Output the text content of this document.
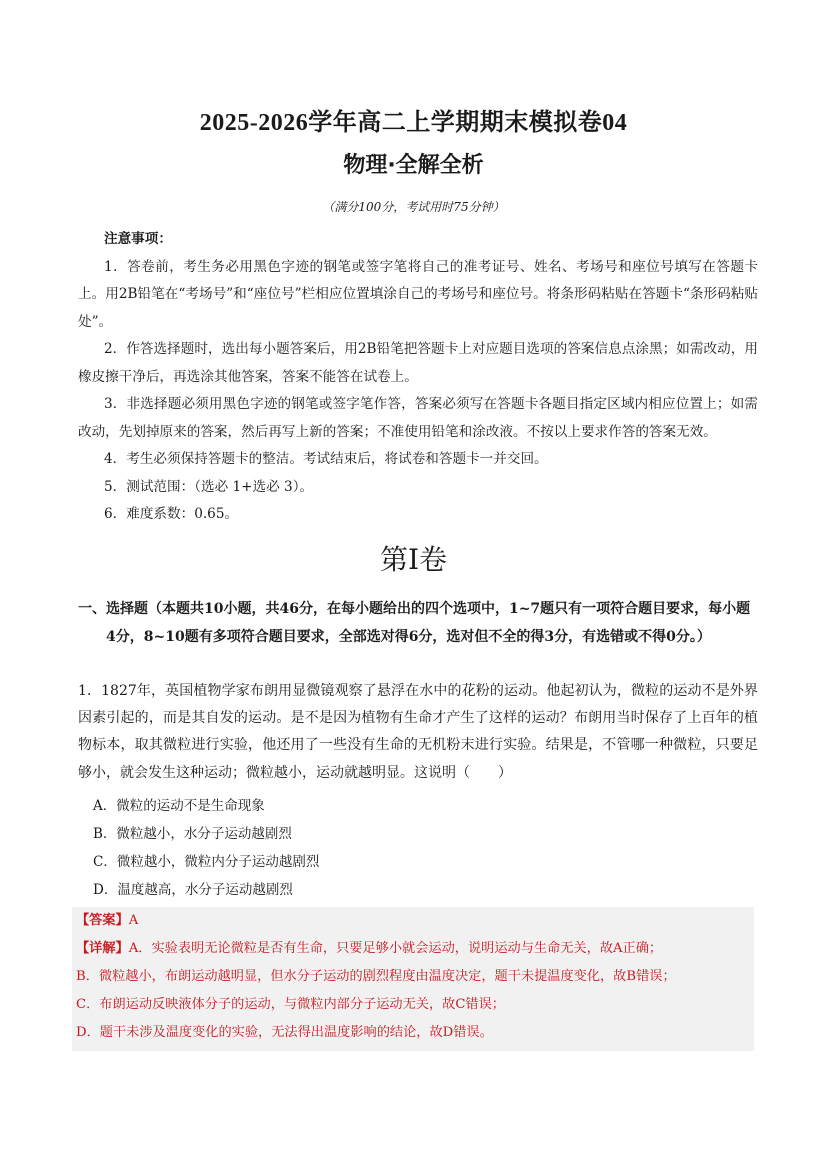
2025-2026学年高二上学期期末模拟卷04
物理·全解全析
（满分100分，考试用时75分钟）
注意事项：

1．答卷前，考生务必用黑色字迹的钢笔或签字笔将自己的准考证号、姓名、考场号和座位号填写在答题卡上。用2B铅笔在“考场号”和“座位号”栏相应位置填涂自己的考场号和座位号。将条形码粘贴在答题卡“条形码粘贴处”。

2．作答选择题时，选出每小题答案后，用2B铅笔把答题卡上对应题目选项的答案信息点涂黑；如需改动，用橡皮擦干净后，再选涂其他答案，答案不能答在试卷上。

3．非选择题必须用黑色字迹的钢笔或签字笔作答，答案必须写在答题卡各题目指定区域内相应位置上；如需改动，先划掉原来的答案，然后再写上新的答案；不准使用铅笔和涂改液。不按以上要求作答的答案无效。

4．考生必须保持答题卡的整洁。考试结束后，将试卷和答题卡一并交回。

5．测试范围：（选必 1+选必 3）。

6．难度系数：0.65。

第Ⅰ卷
一、选择题（本题共10小题，共46分，在每小题给出的四个选项中，1~7题只有一项符合题目要求，每小题4分，8~10题有多项符合题目要求，全部选对得6分，选对但不全的得3分，有选错或不得0分。）

1．1827年，英国植物学家布朗用显微镜观察了悬浮在水中的花粉的运动。他起初认为，微粒的运动不是外界因素引起的，而是其自发的运动。是不是因为植物有生命才产生了这样的运动？布朗用当时保存了上百年的植物标本，取其微粒进行实验，他还用了一些没有生命的无机粉末进行实验。结果是，不管哪一种微粒，只要足够小，就会发生这种运动；微粒越小，运动就越明显。这说明（　　）

A．微粒的运动不是生命现象
B．微粒越小，水分子运动越剧烈
C．微粒越小，微粒内分子运动越剧烈
D．温度越高，水分子运动越剧烈
【答案】A
【详解】A．实验表明无论微粒是否有生命，只要足够小就会运动，说明运动与生命无关，故A正确；
B．微粒越小，布朗运动越明显，但水分子运动的剧烈程度由温度决定，题干未提温度变化，故B错误；
C．布朗运动反映液体分子的运动，与微粒内部分子运动无关，故C错误；
D．题干未涉及温度变化的实验，无法得出温度影响的结论，故D错误。
